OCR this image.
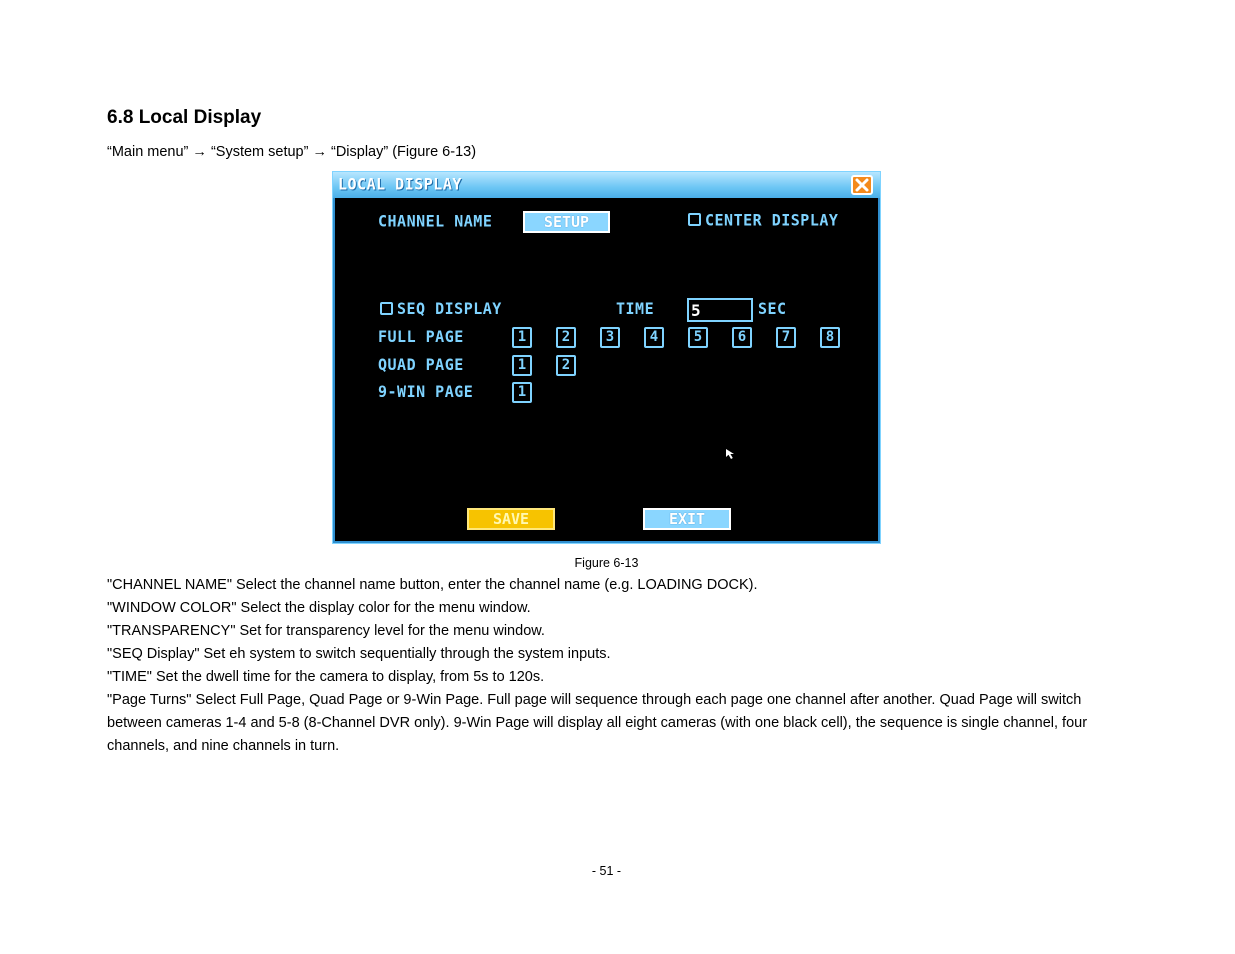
6.8 Local Display
“Main menu” → “System setup” → “Display” (Figure 6-13)
LOCAL DISPLAY
CHANNEL NAME	SETUP	CENTER DISPLAY
SEQ DISPLAY	TIME 5	SEC
FULL PAGE	1	2	3	4	5	6	7	8
QUAD PAGE	1	2
9-WIN PAGE	1
SAVE	EXIT
Figure 6-13
"CHANNEL NAME" Select the channel name button, enter the channel name (e.g. LOADING DOCK).
"WINDOW COLOR" Select the display color for the menu window.
"TRANSPARENCY" Set for transparency level for the menu window.
"SEQ Display" Set eh system to switch sequentially through the system inputs.
"TIME" Set the dwell time for the camera to display, from 5s to 120s.
"Page Turns" Select Full Page, Quad Page or 9-Win Page. Full page will sequence through each page one channel after another. Quad Page will switch between cameras 1-4 and 5-8 (8-Channel DVR only). 9-Win Page will display all eight cameras (with one black cell), the sequence is single channel, four channels, and nine channels in turn.
- 51 -
